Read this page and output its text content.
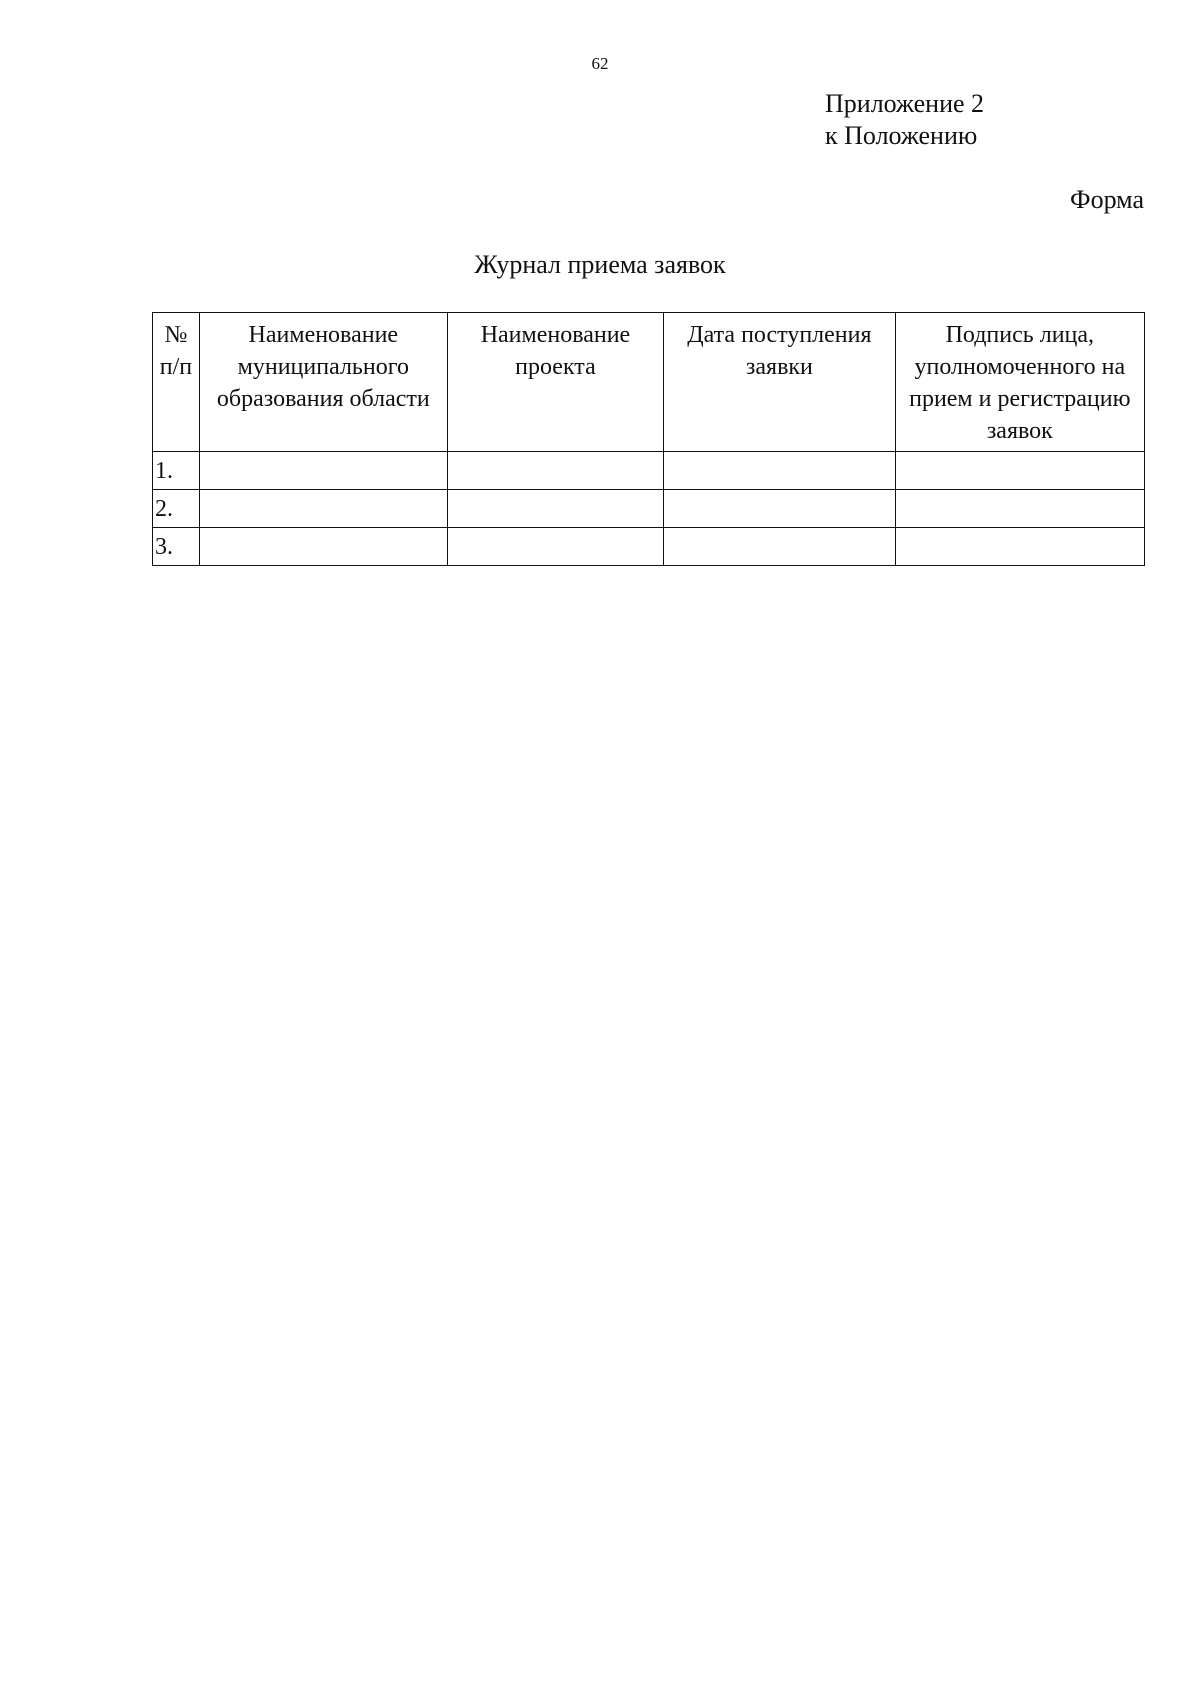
62
Приложение 2
к Положению
Форма
Журнал приема заявок
№ п/п	Наименование муниципального образования области	Наименование проекта	Дата поступления заявки	Подпись лица, уполномоченного на прием и регистрацию заявок
1.				
2.				
3.				
